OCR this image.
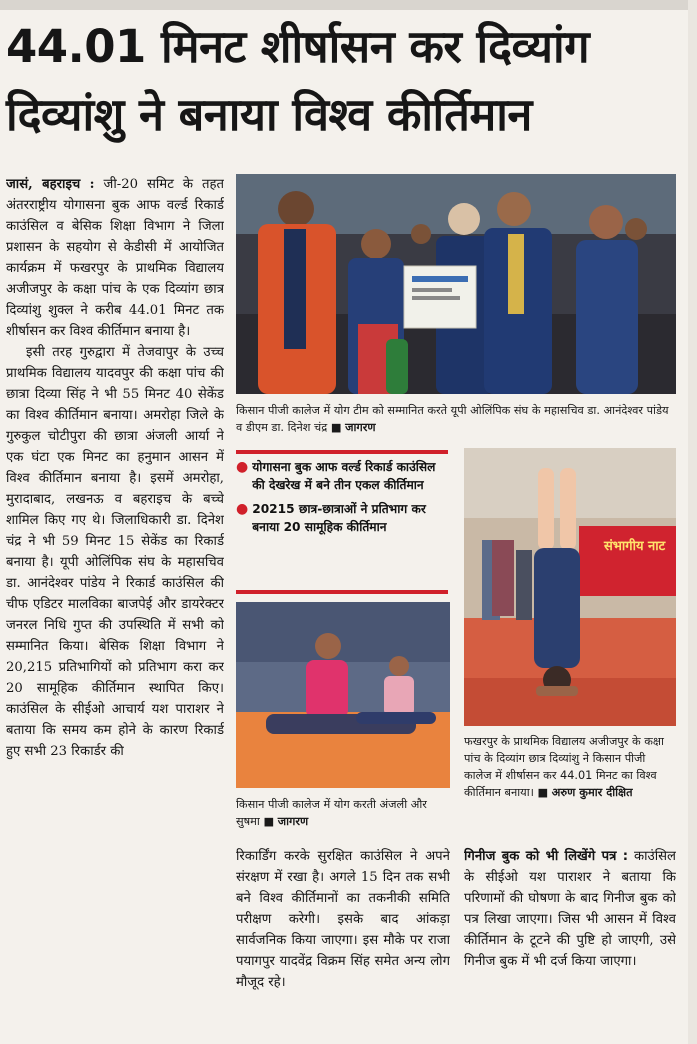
44.01 मिनट शीर्षासन कर दिव्यांग
दिव्यांशु ने बनाया विश्व कीर्तिमान

जासं, बहराइच : जी-20 समिट के तहत अंतरराष्ट्रीय योगासना बुक आफ वर्ल्ड रिकार्ड काउंसिल व बेसिक शिक्षा विभाग ने जिला प्रशासन के सहयोग से केडीसी में आयोजित कार्यक्रम में फखरपुर के प्राथमिक विद्यालय अजीजपुर के कक्षा पांच के एक दिव्यांग छात्र दिव्यांशु शुक्ल ने करीब 44.01 मिनट तक शीर्षासन कर विश्व कीर्तिमान बनाया है।

इसी तरह गुरुद्वारा में तेजवापुर के उच्च प्राथमिक विद्यालय यादवपुर की कक्षा पांच की छात्रा दिव्या सिंह ने भी 55 मिनट 40 सेकेंड का विश्व कीर्तिमान बनाया। अमरोहा जिले के गुरुकुल चोटीपुरा की छात्रा अंजली आर्या ने एक घंटा एक मिनट का हनुमान आसन में विश्व कीर्तिमान बनाया है। इसमें अमरोहा, मुरादाबाद, लखनऊ व बहराइच के बच्चे शामिल किए गए थे। जिलाधिकारी डा. दिनेश चंद्र ने भी 59 मिनट 15 सेकेंड का रिकार्ड बनाया है। यूपी ओलिंपिक संघ के महासचिव डा. आनंदेश्वर पांडेय ने रिकार्ड काउंसिल की चीफ एडिटर मालविका बाजपेई और डायरेक्टर जनरल निधि गुप्त की उपस्थिति में सभी को सम्मानित किया। बेसिक शिक्षा विभाग ने 20,215 प्रतिभागियों को प्रतिभाग करा कर 20 सामूहिक कीर्तिमान स्थापित किए। काउंसिल के सीईओ आचार्य यश पाराशर ने बताया कि समय कम होने के कारण रिकार्ड हुए सभी 23 रिकार्डर की

किसान पीजी कालेज में योग टीम को सम्मानित करते यूपी ओलिंपिक संघ के महासचिव डा. आनंदेश्वर पांडेय व डीएम डा. दिनेश चंद्र ■ जागरण
● योगासना बुक आफ वर्ल्ड रिकार्ड काउंसिल की देखरेख में बने तीन एकल कीर्तिमान
● 20215 छात्र-छात्राओं ने प्रतिभाग कर बनाया 20 सामूहिक कीर्तिमान
किसान पीजी कालेज में योग करती अंजली और सुषमा ■ जागरण
संभागीय नाट
फखरपुर के प्राथमिक विद्यालय अजीजपुर के कक्षा पांच के दिव्यांग छात्र दिव्यांशु ने किसान पीजी कालेज में शीर्षासन कर 44.01 मिनट का विश्व कीर्तिमान बनाया। ■ अरुण कुमार दीक्षित

रिकार्डिंग करके सुरक्षित काउंसिल ने अपने संरक्षण में रखा है। अगले 15 दिन तक सभी बने विश्व कीर्तिमानों का तकनीकी समिति परीक्षण करेगी। इसके बाद आंकड़ा सार्वजनिक किया जाएगा। इस मौके पर राजा पयागपुर यादवेंद्र विक्रम सिंह समेत अन्य लोग मौजूद रहे।

गिनीज बुक को भी लिखेंगे पत्र : काउंसिल के सीईओ यश पाराशर ने बताया कि परिणामों की घोषणा के बाद गिनीज बुक को पत्र लिखा जाएगा। जिस भी आसन में विश्व कीर्तिमान के टूटने की पुष्टि हो जाएगी, उसे गिनीज बुक में भी दर्ज किया जाएगा।
